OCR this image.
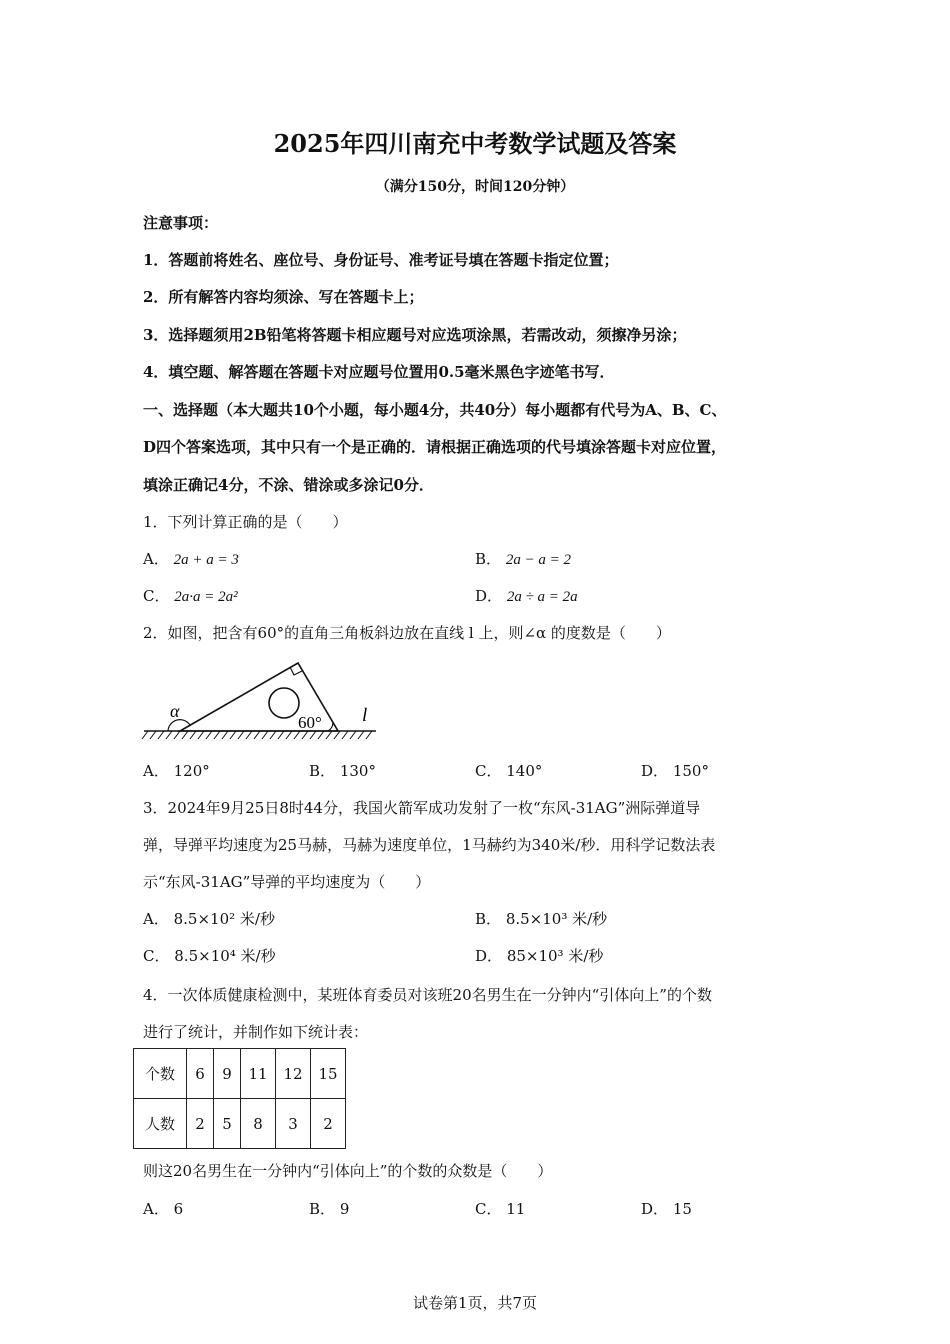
2025年四川南充中考数学试题及答案
（满分150分，时间120分钟）
注意事项：
1．答题前将姓名、座位号、身份证号、准考证号填在答题卡指定位置；
2．所有解答内容均须涂、写在答题卡上；
3．选择题须用2B铅笔将答题卡相应题号对应选项涂黑，若需改动，须擦净另涂；
4．填空题、解答题在答题卡对应题号位置用0.5毫米黑色字迹笔书写．
一、选择题（本大题共10个小题，每小题4分，共40分）每小题都有代号为A、B、C、
D四个答案选项，其中只有一个是正确的．请根据正确选项的代号填涂答题卡对应位置，
填涂正确记4分，不涂、错涂或多涂记0分．
1．下列计算正确的是（　　）
A． 2a + a = 3	B． 2a − a = 2
C． 2a·a = 2a²	D． 2a ÷ a = 2a
2．如图，把含有60°的直角三角板斜边放在直线 l 上，则∠α 的度数是（　　）
α
60° l
A． 120°	B． 130°	C． 140°	D． 150°
3．2024年9月25日8时44分，我国火箭军成功发射了一枚“东风-31AG”洲际弹道导
弹，导弹平均速度为25马赫，马赫为速度单位，1马赫约为340米/秒．用科学记数法表
示“东风-31AG”导弹的平均速度为（　　）
A． 8.5×10² 米/秒	B． 8.5×10³ 米/秒
C． 8.5×10⁴ 米/秒	D． 85×10³ 米/秒
4．一次体质健康检测中，某班体育委员对该班20名男生在一分钟内“引体向上”的个数
进行了统计，并制作如下统计表：
个数	6	9	11	12	15
人数	2	5	8	3	2
则这20名男生在一分钟内“引体向上”的个数的众数是（　　）
A． 6	B． 9	C． 11	D． 15
试卷第1页，共7页
